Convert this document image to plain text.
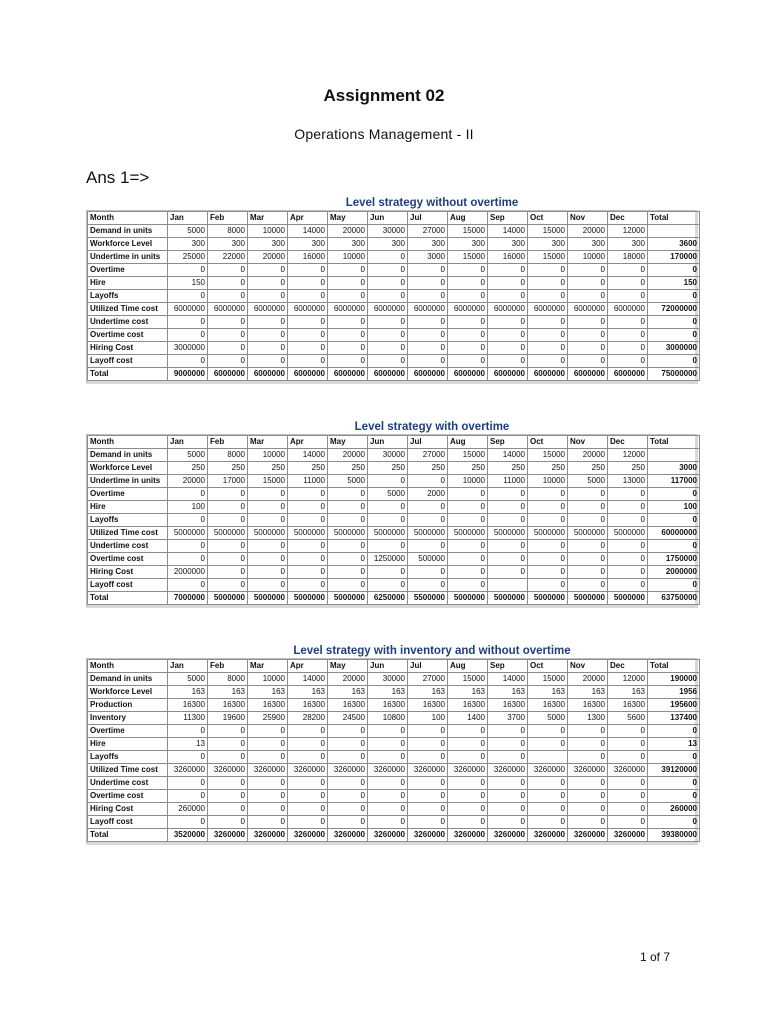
Assignment 02
Operations Management - II
Ans 1=>
Level strategy without overtime
Month	Jan	Feb	Mar	Apr	May	Jun	Jul	Aug	Sep	Oct	Nov	Dec	Total
Demand in units	5000	8000	10000	14000	20000	30000	27000	15000	14000	15000	20000	12000	
Workforce Level	300	300	300	300	300	300	300	300	300	300	300	300	3600
Undertime in units	25000	22000	20000	16000	10000	0	3000	15000	16000	15000	10000	18000	170000
Overtime	0	0	0	0	0	0	0	0	0	0	0	0	0
Hire	150	0	0	0	0	0	0	0	0	0	0	0	150
Layoffs	0	0	0	0	0	0	0	0	0	0	0	0	0
Utilized Time cost	6000000	6000000	6000000	6000000	6000000	6000000	6000000	6000000	6000000	6000000	6000000	6000000	72000000
Undertime cost	0	0	0	0	0	0	0	0	0	0	0	0	0
Overtime cost	0	0	0	0	0	0	0	0	0	0	0	0	0
Hiring Cost	3000000	0	0	0	0	0	0	0	0	0	0	0	3000000
Layoff cost	0	0	0	0	0	0	0	0	0	0	0	0	0
Total	9000000	6000000	6000000	6000000	6000000	6000000	6000000	6000000	6000000	6000000	6000000	6000000	75000000
Level strategy with overtime
Month	Jan	Feb	Mar	Apr	May	Jun	Jul	Aug	Sep	Oct	Nov	Dec	Total
Demand in units	5000	8000	10000	14000	20000	30000	27000	15000	14000	15000	20000	12000	
Workforce Level	250	250	250	250	250	250	250	250	250	250	250	250	3000
Undertime in units	20000	17000	15000	11000	5000	0	0	10000	11000	10000	5000	13000	117000
Overtime	0	0	0	0	0	5000	2000	0	0	0	0	0	0
Hire	100	0	0	0	0	0	0	0	0	0	0	0	100
Layoffs	0	0	0	0	0	0	0	0	0	0	0	0	0
Utilized Time cost	5000000	5000000	5000000	5000000	5000000	5000000	5000000	5000000	5000000	5000000	5000000	5000000	60000000
Undertime cost	0	0	0	0	0	0	0	0	0	0	0	0	0
Overtime cost	0	0	0	0	0	1250000	500000	0	0	0	0	0	1750000
Hiring Cost	2000000	0	0	0	0	0	0	0	0	0	0	0	2000000
Layoff cost	0	0	0	0	0	0	0	0		0	0	0	0
Total	7000000	5000000	5000000	5000000	5000000	6250000	5500000	5000000	5000000	5000000	5000000	5000000	63750000
Level strategy with inventory and without overtime
Month	Jan	Feb	Mar	Apr	May	Jun	Jul	Aug	Sep	Oct	Nov	Dec	Total
Demand in units	5000	8000	10000	14000	20000	30000	27000	15000	14000	15000	20000	12000	190000
Workforce Level	163	163	163	163	163	163	163	163	163	163	163	163	1956
Production	16300	16300	16300	16300	16300	16300	16300	16300	16300	16300	16300	16300	195600
Inventory	11300	19600	25900	28200	24500	10800	100	1400	3700	5000	1300	5600	137400
Overtime	0	0	0	0	0	0	0	0	0	0	0	0	0
Hire	13	0	0	0	0	0	0	0	0	0	0	0	13
Layoffs	0	0	0	0	0	0	0	0	0		0	0	0
Utilized Time cost	3260000	3260000	3260000	3260000	3260000	3260000	3260000	3260000	3260000	3260000	3260000	3260000	39120000
Undertime cost	0	0	0	0	0	0	0	0	0	0	0	0	0
Overtime cost	0	0	0	0	0	0	0	0	0	0	0	0	0
Hiring Cost	260000	0	0	0	0	0	0	0	0	0	0	0	260000
Layoff cost	0	0	0	0	0	0	0	0	0	0	0	0	0
Total	3520000	3260000	3260000	3260000	3260000	3260000	3260000	3260000	3260000	3260000	3260000	3260000	39380000
1 of 7
